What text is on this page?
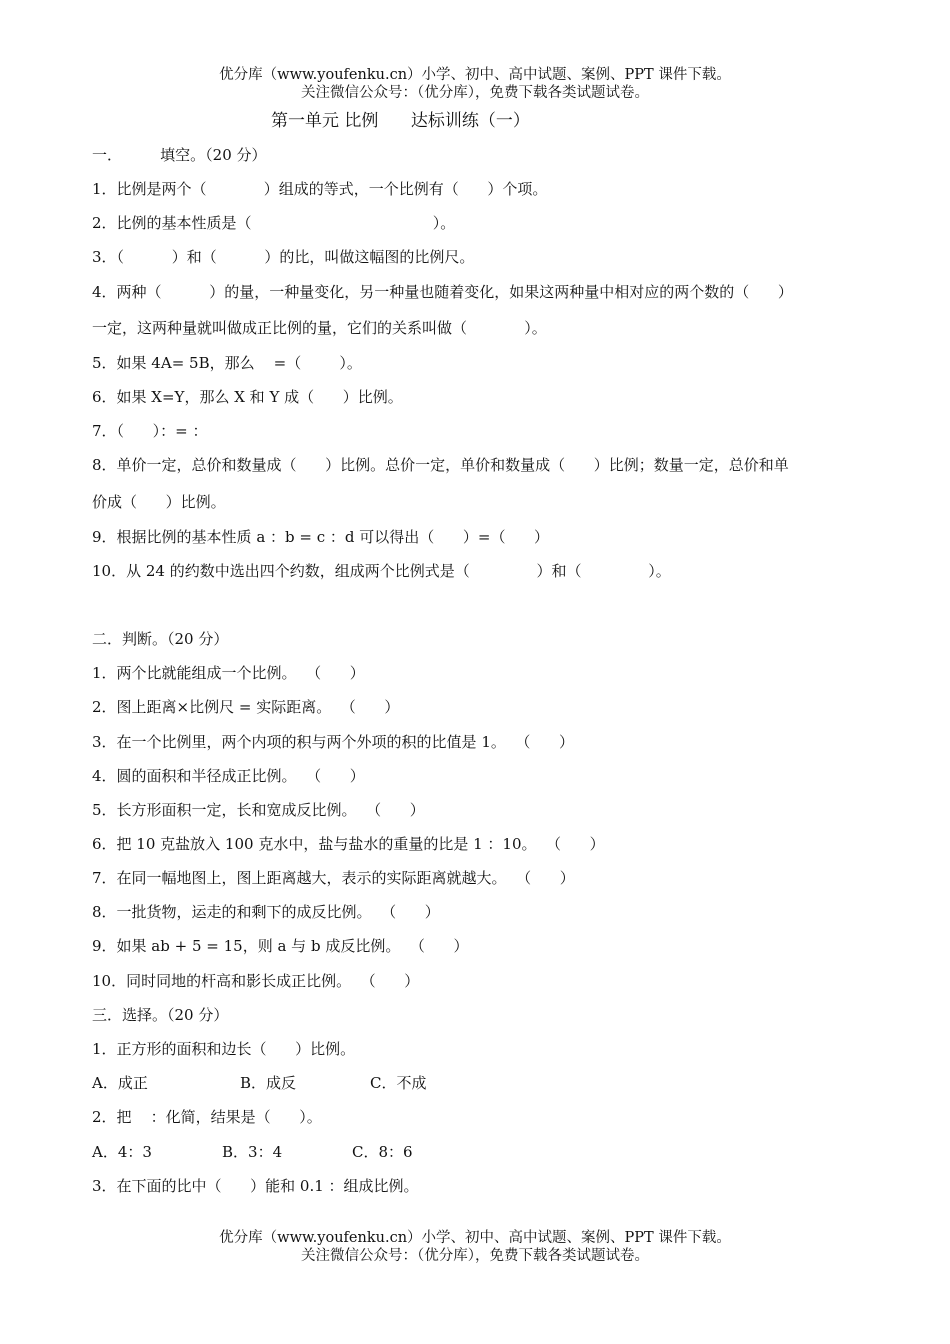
优分库（www.youfenku.cn）小学、初中、高中试题、案例、PPT 课件下载。
关注微信公众号：（优分库），免费下载各类试题试卷。
第一单元 比例      达标训练（一）
一．        填空。（20 分）
1．比例是两个（            ）组成的等式，一个比例有（      ）个项。
2．比例的基本性质是（                                      ）。
3．（          ）和（          ）的比，叫做这幅图的比例尺。
4．两种（          ）的量，一种量变化，另一种量也随着变化，如果这两种量中相对应的两个数的（      ）
一定，这两种量就叫做成正比例的量，它们的关系叫做（            ）。
5．如果 4A= 5B，那么    =（        ）。
6．如果 X=Y，那么 X 和 Y 成（      ）比例。
7．（      ）：= ：
8．单价一定，总价和数量成（      ）比例。总价一定，单价和数量成（      ）比例；数量一定，总价和单
价成（      ）比例。
9．根据比例的基本性质 a ：b = c ：d 可以得出（      ）=（      ）
10．从 24 的约数中选出四个约数，组成两个比例式是（              ）和（              ）。
二．判断。（20 分）
1．两个比就能组成一个比例。  （      ）
2．图上距离×比例尺 = 实际距离。  （      ）
3．在一个比例里，两个内项的积与两个外项的积的比值是 1。  （      ）
4．圆的面积和半径成正比例。  （      ）
5．长方形面积一定，长和宽成反比例。  （      ）
6．把 10 克盐放入 100 克水中，盐与盐水的重量的比是 1 ：10。  （      ）
7．在同一幅地图上，图上距离越大，表示的实际距离就越大。  （      ）
8．一批货物，运走的和剩下的成反比例。  （      ）
9．如果 ab + 5 = 15，则 a 与 b 成反比例。  （      ）
10．同时同地的杆高和影长成正比例。  （      ）
三．选择。（20 分）
1．正方形的面积和边长（      ）比例。
A．成正	B．成反	C．不成
2．把    ：化简，结果是（      ）。
A．4：3	B．3：4	C．8：6
3．在下面的比中（      ）能和 0.1 ：组成比例。
优分库（www.youfenku.cn）小学、初中、高中试题、案例、PPT 课件下载。
关注微信公众号：（优分库），免费下载各类试题试卷。
